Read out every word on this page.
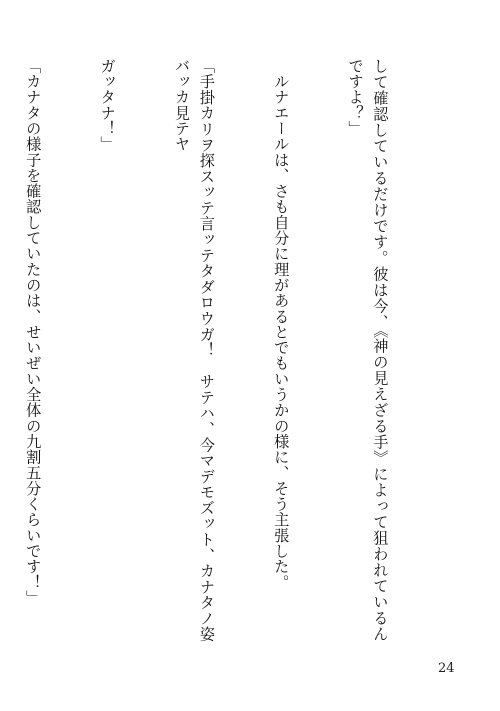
して確認しているだけです。彼は今、《神の見えざる手》によって狙われているんですよ？」

　ルナエールは、さも自分に理があるとでもいうかの様に、そう主張した。

「手掛カリヲ探スッテ言ッテタダロウガ！　サテハ、今マデモズット、カナタノ姿バッカ見テヤ

ガッタナ！」

「カナタの様子を確認していたのは、せいぜい全体の九割五分くらいです！」

24
